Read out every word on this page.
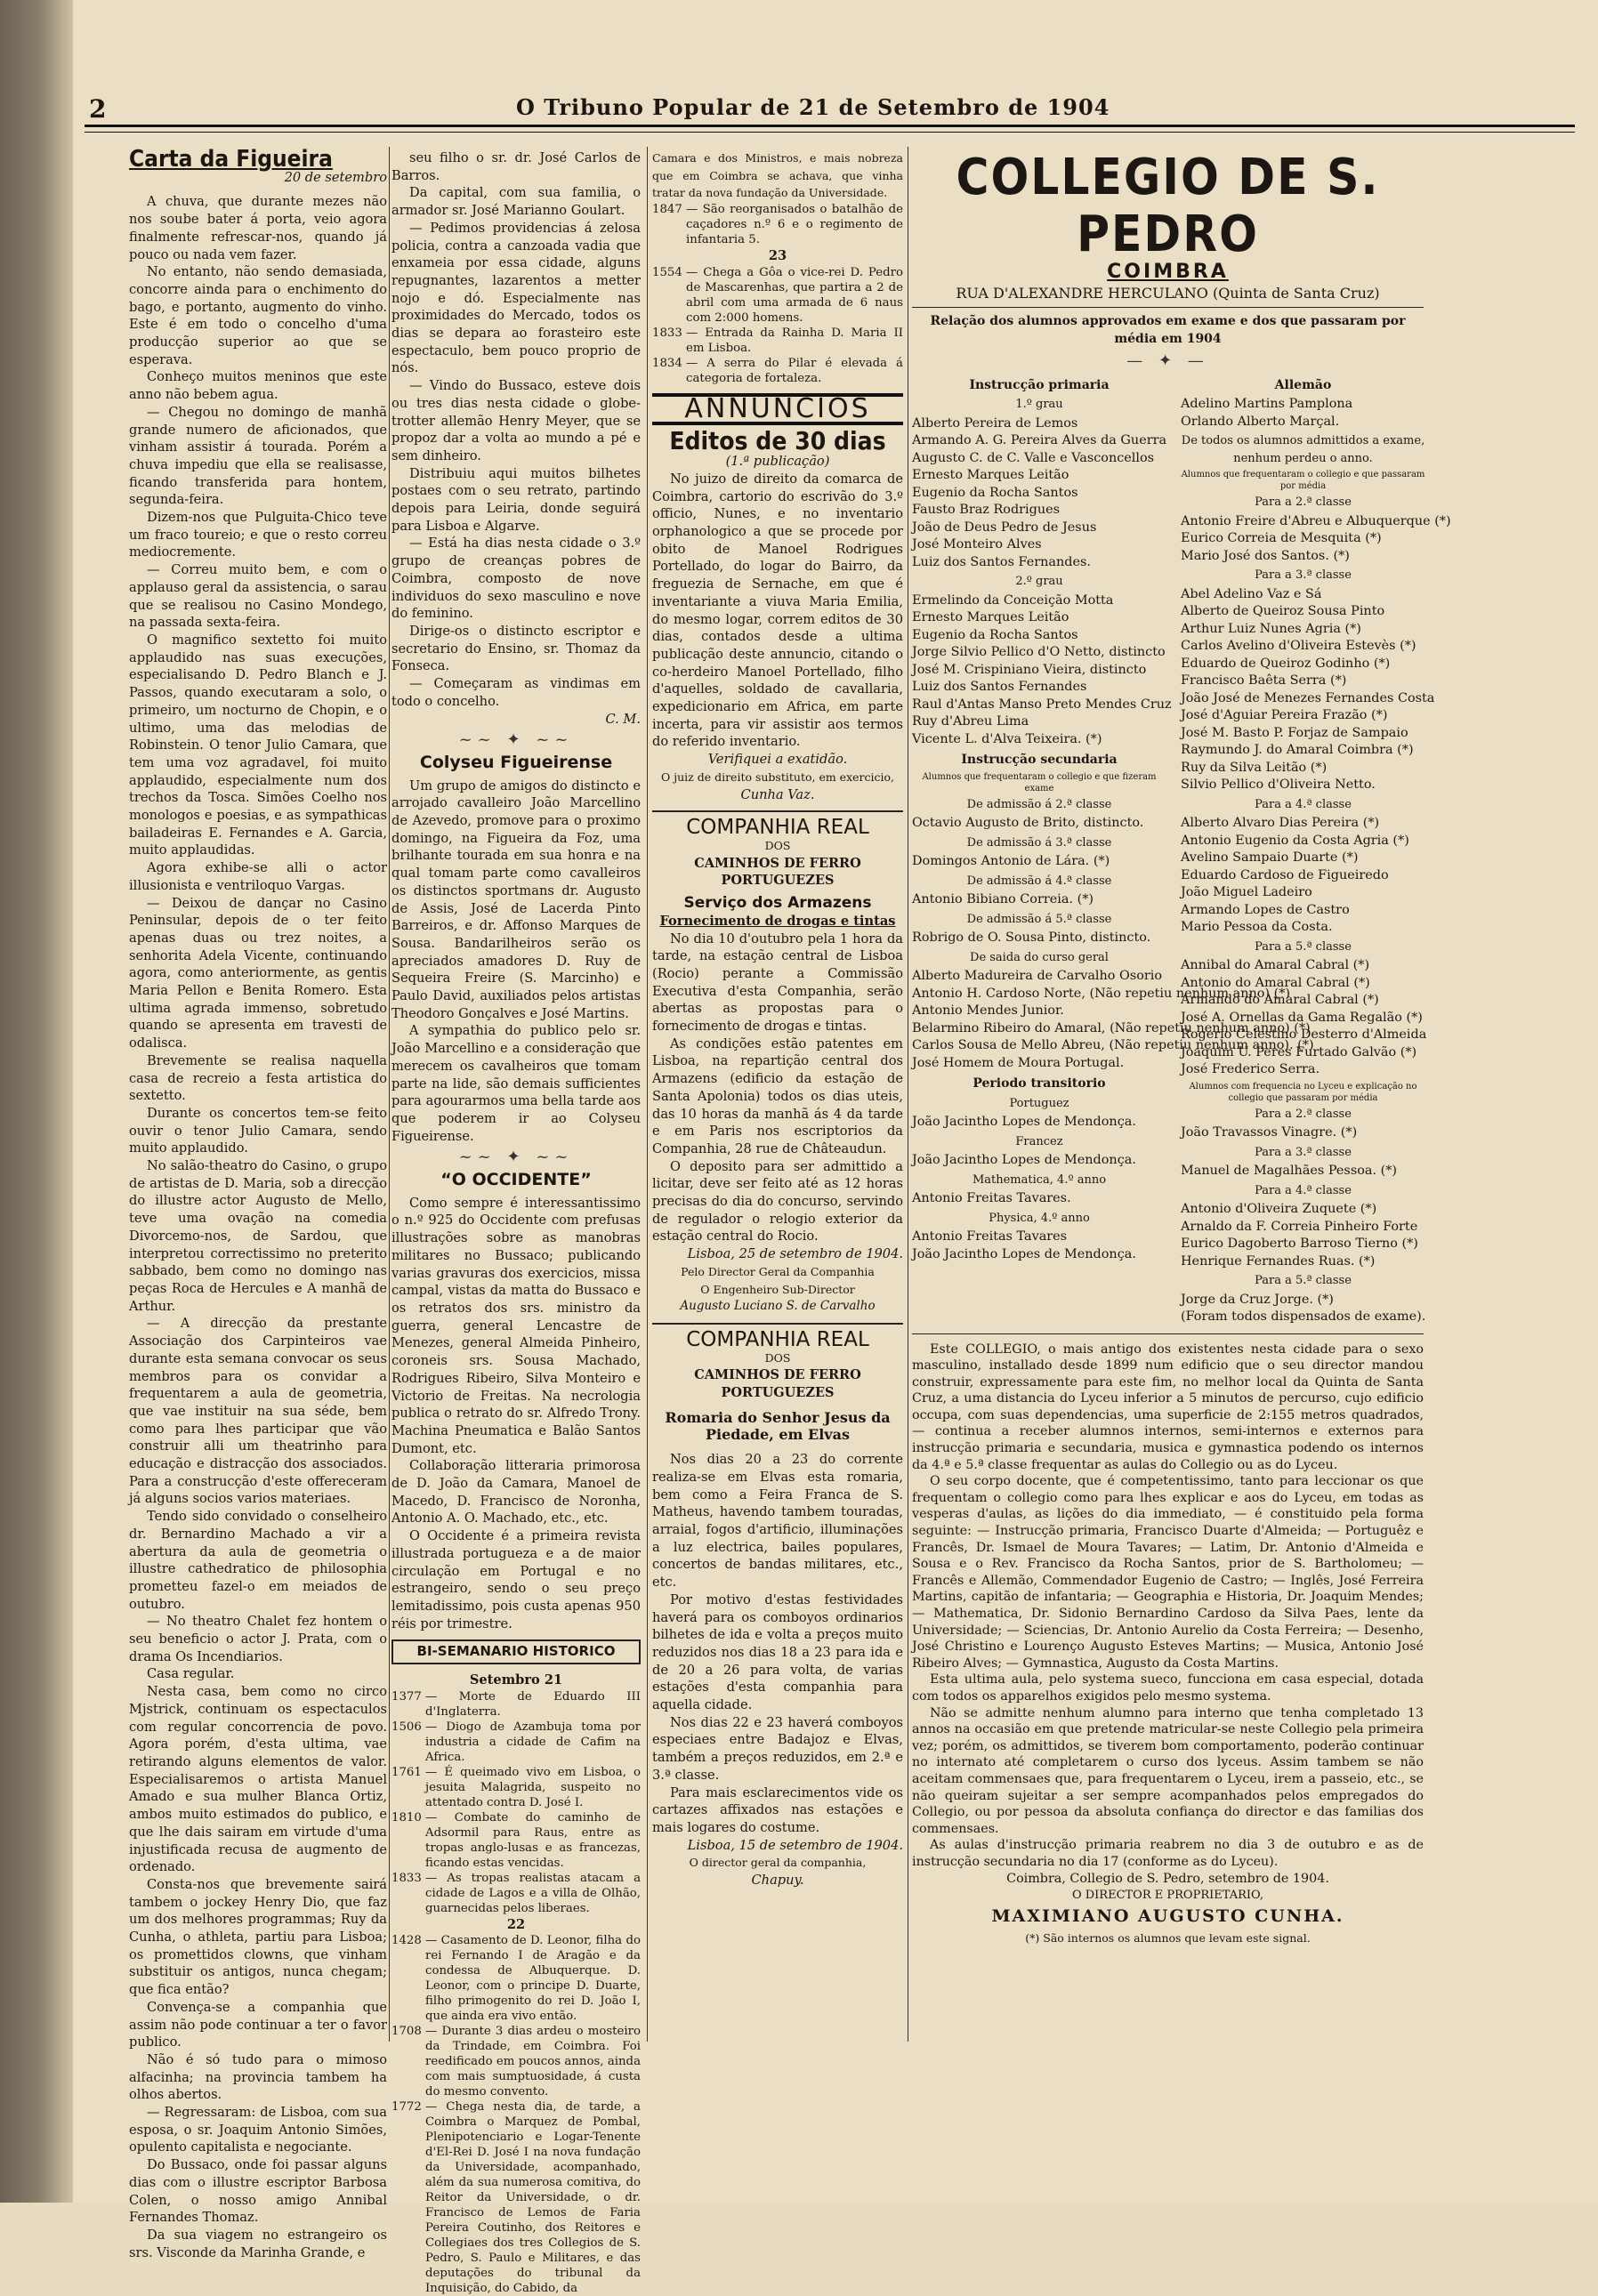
2	O Tribuno Popular de 21 de Setembro de 1904
Carta da Figueira
20 de setembro

A chuva, que durante mezes não nos soube bater á porta, veio agora finalmente refrescar-nos, quando já pouco ou nada vem fazer.

No entanto, não sendo demasiada, concorre ainda para o enchimento do bago, e portanto, augmento do vinho. Este é em todo o concelho d'uma producção superior ao que se esperava.

Conheço muitos meninos que este anno não bebem agua.

— Chegou no domingo de manhã grande numero de aficionados, que vinham assistir á tourada. Porém a chuva impediu que ella se realisasse, ficando transferida para hontem, segunda-feira.

Dizem-nos que Pulguita-Chico teve um fraco toureio; e que o resto correu mediocremente.

— Correu muito bem, e com o applauso geral da assistencia, o sarau que se realisou no Casino Mondego, na passada sexta-feira.

O magnifico sextetto foi muito applaudido nas suas execuções, especialisando D. Pedro Blanch e J. Passos, quando executaram a solo, o primeiro, um nocturno de Chopin, e o ultimo, uma das melodias de Robinstein. O tenor Julio Camara, que tem uma voz agradavel, foi muito applaudido, especialmente num dos trechos da Tosca. Simões Coelho nos monologos e poesias, e as sympathicas bailadeiras E. Fernandes e A. Garcia, muito applaudidas.

Agora exhibe-se alli o actor illusionista e ventriloquo Vargas.

— Deixou de dançar no Casino Peninsular, depois de o ter feito apenas duas ou trez noites, a senhorita Adela Vicente, continuando agora, como anteriormente, as gentis Maria Pellon e Benita Romero. Esta ultima agrada immenso, sobretudo quando se apresenta em travesti de odalisca.

Brevemente se realisa naquella casa de recreio a festa artistica do sextetto.

Durante os concertos tem-se feito ouvir o tenor Julio Camara, sendo muito applaudido.

No salão-theatro do Casino, o grupo de artistas de D. Maria, sob a direcção do illustre actor Augusto de Mello, teve uma ovação na comedia Divorcemo-nos, de Sardou, que interpretou correctissimo no preterito sabbado, bem como no domingo nas peças Roca de Hercules e A manhã de Arthur.

— A direcção da prestante Associação dos Carpinteiros vae durante esta semana convocar os seus membros para os convidar a frequentarem a aula de geometria, que vae instituir na sua séde, bem como para lhes participar que vão construir alli um theatrinho para educação e distracção dos associados. Para a construcção d'este offereceram já alguns socios varios materiaes.

Tendo sido convidado o conselheiro dr. Bernardino Machado a vir a abertura da aula de geometria o illustre cathedratico de philosophia prometteu fazel-o em meiados de outubro.

— No theatro Chalet fez hontem o seu beneficio o actor J. Prata, com o drama Os Incendiarios.

Casa regular.

Nesta casa, bem como no circo Mjstrick, continuam os espectaculos com regular concorrencia de povo. Agora porém, d'esta ultima, vae retirando alguns elementos de valor. Especialisaremos o artista Manuel Amado e sua mulher Blanca Ortiz, ambos muito estimados do publico, e que lhe dais sairam em virtude d'uma injustificada recusa de augmento de ordenado.

Consta-nos que brevemente sairá tambem o jockey Henry Dio, que faz um dos melhores programmas; Ruy da Cunha, o athleta, partiu para Lisboa; os promettidos clowns, que vinham substituir os antigos, nunca chegam; que fica então?

Convença-se a companhia que assim não pode continuar a ter o favor publico.

Não é só tudo para o mimoso alfacinha; na provincia tambem ha olhos abertos.

— Regressaram: de Lisboa, com sua esposa, o sr. Joaquim Antonio Simões, opulento capitalista e negociante.

Do Bussaco, onde foi passar alguns dias com o illustre escriptor Barbosa Colen, o nosso amigo Annibal Fernandes Thomaz.

Da sua viagem no estrangeiro os srs. Visconde da Marinha Grande, e

seu filho o sr. dr. José Carlos de Barros.

Da capital, com sua familia, o armador sr. José Marianno Goulart.

— Pedimos providencias á zelosa policia, contra a canzoada vadia que enxameia por essa cidade, alguns repugnantes, lazarentos a metter nojo e dó. Especialmente nas proximidades do Mercado, todos os dias se depara ao forasteiro este espectaculo, bem pouco proprio de nós.

— Vindo do Bussaco, esteve dois ou tres dias nesta cidade o globe-trotter allemão Henry Meyer, que se propoz dar a volta ao mundo a pé e sem dinheiro.

Distribuiu aqui muitos bilhetes postaes com o seu retrato, partindo depois para Leiria, donde seguirá para Lisboa e Algarve.

— Está ha dias nesta cidade o 3.º grupo de creanças pobres de Coimbra, composto de nove individuos do sexo masculino e nove do feminino.

Dirige-os o distincto escriptor e secretario do Ensino, sr. Thomaz da Fonseca.

— Começaram as vindimas em todo o concelho.

C. M.
~~ ✦ ~~
Colyseu Figueirense

Um grupo de amigos do distincto e arrojado cavalleiro João Marcellino de Azevedo, promove para o proximo domingo, na Figueira da Foz, uma brilhante tourada em sua honra e na qual tomam parte como cavalleiros os distinctos sportmans dr. Augusto de Assis, José de Lacerda Pinto Barreiros, e dr. Affonso Marques de Sousa. Bandarilheiros serão os apreciados amadores D. Ruy de Sequeira Freire (S. Marcinho) e Paulo David, auxiliados pelos artistas Theodoro Gonçalves e José Martins.

A sympathia do publico pelo sr. João Marcellino e a consideração que merecem os cavalheiros que tomam parte na lide, são demais sufficientes para agourarmos uma bella tarde aos que poderem ir ao Colyseu Figueirense.

~~ ✦ ~~
“O OCCIDENTE”

Como sempre é interessantissimo o n.º 925 do Occidente com prefusas illustrações sobre as manobras militares no Bussaco; publicando varias gravuras dos exercicios, missa campal, vistas da matta do Bussaco e os retratos dos srs. ministro da guerra, general Lencastre de Menezes, general Almeida Pinheiro, coroneis srs. Sousa Machado, Rodrigues Ribeiro, Silva Monteiro e Victorio de Freitas. Na necrologia publica o retrato do sr. Alfredo Trony. Machina Pneumatica e Balão Santos Dumont, etc.

Collaboração litteraria primorosa de D. João da Camara, Manoel de Macedo, D. Francisco de Noronha, Antonio A. O. Machado, etc., etc.

O Occidente é a primeira revista illustrada portugueza e a de maior circulação em Portugal e no estrangeiro, sendo o seu preço lemitadissimo, pois custa apenas 950 réis por trimestre.

BI-SEMANARIO HISTORICO
Setembro 21
1377	— Morte de Eduardo III d'Inglaterra.
1506	— Diogo de Azambuja toma por industria a cidade de Cafim na Africa.
1761	— É queimado vivo em Lisboa, o jesuita Malagrida, suspeito no attentado contra D. José I.
1810	— Combate do caminho de Adsormil para Raus, entre as tropas anglo-lusas e as francezas, ficando estas vencidas.
1833	— As tropas realistas atacam a cidade de Lagos e a villa de Olhão, guarnecidas pelos liberaes.
22
1428	— Casamento de D. Leonor, filha do rei Fernando I de Aragão e da condessa de Albuquerque. D. Leonor, com o principe D. Duarte, filho primogenito do rei D. João I, que ainda era vivo então.
1708	— Durante 3 dias ardeu o mosteiro da Trindade, em Coimbra. Foi reedificado em poucos annos, ainda com mais sumptuosidade, á custa do mesmo convento.
1772	— Chega nesta dia, de tarde, a Coimbra o Marquez de Pombal, Plenipotenciario e Logar-Tenente d'El-Rei D. José I na nova fundação da Universidade, acompanhado, além da sua numerosa comitiva, do Reitor da Universidade, o dr. Francisco de Lemos de Faria Pereira Coutinho, dos Reitores e Collegiaes dos tres Collegios de S. Pedro, S. Paulo e Militares, e das deputações do tribunal da Inquisição, do Cabido, da

Camara e dos Ministros, e mais nobreza que em Coimbra se achava, que vinha tratar da nova fundação da Universidade.

1847	— São reorganisados o batalhão de caçadores n.º 6 e o regimento de infantaria 5.
23
1554	— Chega a Gôa o vice-rei D. Pedro de Mascarenhas, que partira a 2 de abril com uma armada de 6 naus com 2:000 homens.
1833	— Entrada da Rainha D. Maria II em Lisboa.
1834	— A serra do Pilar é elevada á categoria de fortaleza.
ANNUNCIOS
Editos de 30 dias
(1.ª publicação)

No juizo de direito da comarca de Coimbra, cartorio do escrivão do 3.º officio, Nunes, e no inventario orphanologico a que se procede por obito de Manoel Rodrigues Portellado, do logar do Bairro, da freguezia de Sernache, em que é inventariante a viuva Maria Emilia, do mesmo logar, correm editos de 30 dias, contados desde a ultima publicação deste annuncio, citando o co-herdeiro Manoel Portellado, filho d'aquelles, soldado de cavallaria, expedicionario em Africa, em parte incerta, para vir assistir aos termos do referido inventario.

Verifiquei a exatidão.
O juiz de direito substituto, em exercicio,
Cunha Vaz.
COMPANHIA REAL
DOS
CAMINHOS DE FERRO PORTUGUEZES
Serviço dos Armazens
Fornecimento de drogas e tintas

No dia 10 d'outubro pela 1 hora da tarde, na estação central de Lisboa (Rocio) perante a Commissão Executiva d'esta Companhia, serão abertas as propostas para o fornecimento de drogas e tintas.

As condições estão patentes em Lisboa, na repartição central dos Armazens (edificio da estação de Santa Apolonia) todos os dias uteis, das 10 horas da manhã ás 4 da tarde e em Paris nos escriptorios da Companhia, 28 rue de Châteaudun.

O deposito para ser admittido a licitar, deve ser feito até as 12 horas precisas do dia do concurso, servindo de regulador o relogio exterior da estação central do Rocio.

Lisboa, 25 de setembro de 1904.
Pelo Director Geral da Companhia
O Engenheiro Sub-Director
Augusto Luciano S. de Carvalho
COMPANHIA REAL
DOS
CAMINHOS DE FERRO PORTUGUEZES
Romaria do Senhor Jesus da Piedade, em Elvas

Nos dias 20 a 23 do corrente realiza-se em Elvas esta romaria, bem como a Feira Franca de S. Matheus, havendo tambem touradas, arraial, fogos d'artificio, illuminações a luz electrica, bailes populares, concertos de bandas militares, etc., etc.

Por motivo d'estas festividades haverá para os comboyos ordinarios bilhetes de ida e volta a preços muito reduzidos nos dias 18 a 23 para ida e de 20 a 26 para volta, de varias estações d'esta companhia para aquella cidade.

Nos dias 22 e 23 haverá comboyos especiaes entre Badajoz e Elvas, também a preços reduzidos, em 2.ª e 3.ª classe.

Para mais esclarecimentos vide os cartazes affixados nas estações e mais logares do costume.

Lisboa, 15 de setembro de 1904.
O director geral da companhia,
Chapuy.
COLLEGIO DE S. PEDRO
COIMBRA
RUA D'ALEXANDRE HERCULANO (Quinta de Santa Cruz)
Relação dos alumnos approvados em exame e dos que passaram por média em 1904
— ✦ —
Instrucção primaria
1.º grau
Alberto Pereira de Lemos
Armando A. G. Pereira Alves da Guerra
Augusto C. de C. Valle e Vasconcellos
Ernesto Marques Leitão
Eugenio da Rocha Santos
Fausto Braz Rodrigues
João de Deus Pedro de Jesus
José Monteiro Alves
Luiz dos Santos Fernandes.
2.º grau
Ermelindo da Conceição Motta
Ernesto Marques Leitão
Eugenio da Rocha Santos
Jorge Silvio Pellico d'O Netto, distincto
José M. Crispiniano Vieira, distincto
Luiz dos Santos Fernandes
Raul d'Antas Manso Preto Mendes Cruz
Ruy d'Abreu Lima
Vicente L. d'Alva Teixeira. (*)
Instrucção secundaria
Alumnos que frequentaram o collegio e que fizeram exame
De admissão á 2.ª classe
Octavio Augusto de Brito, distincto.
De admissão á 3.ª classe
Domingos Antonio de Lára. (*)
De admissão á 4.ª classe
Antonio Bibiano Correia. (*)
De admissão á 5.ª classe
Robrigo de O. Sousa Pinto, distincto.
De saida do curso geral
Alberto Madureira de Carvalho Osorio
Antonio H. Cardoso Norte, (Não repetiu nenhum anno) (*)
Antonio Mendes Junior.
Belarmino Ribeiro do Amaral, (Não repetiu nenhum anno) (*)
Carlos Sousa de Mello Abreu, (Não repetiu nenhum anno). (*)
José Homem de Moura Portugal.
Periodo transitorio
Portuguez
João Jacintho Lopes de Mendonça.
Francez
João Jacintho Lopes de Mendonça.
Mathematica, 4.º anno
Antonio Freitas Tavares.
Physica, 4.º anno
Antonio Freitas Tavares
João Jacintho Lopes de Mendonça.
Allemão
Adelino Martins Pamplona
Orlando Alberto Marçal.
De todos os alumnos admittidos a exame, nenhum perdeu o anno.
Alumnos que frequentaram o collegio e que passaram por média
Para a 2.ª classe
Antonio Freire d'Abreu e Albuquerque (*)
Eurico Correia de Mesquita (*)
Mario José dos Santos. (*)
Para a 3.ª classe
Abel Adelino Vaz e Sá
Alberto de Queiroz Sousa Pinto
Arthur Luiz Nunes Agria (*)
Carlos Avelino d'Oliveira Estevès (*)
Eduardo de Queiroz Godinho (*)
Francisco Baêta Serra (*)
João José de Menezes Fernandes Costa
José d'Aguiar Pereira Frazão (*)
José M. Basto P. Forjaz de Sampaio
Raymundo J. do Amaral Coimbra (*)
Ruy da Silva Leitão (*)
Silvio Pellico d'Oliveira Netto.
Para a 4.ª classe
Alberto Alvaro Dias Pereira (*)
Antonio Eugenio da Costa Agria (*)
Avelino Sampaio Duarte (*)
Eduardo Cardoso de Figueiredo
João Miguel Ladeiro
Armando Lopes de Castro
Mario Pessoa da Costa.
Para a 5.ª classe
Annibal do Amaral Cabral (*)
Antonio do Amaral Cabral (*)
Armando do Amaral Cabral (*)
José A. Ornellas da Gama Regalão (*)
Rogerio Celestino Desterro d'Almeida
Joaquim U. Peres Furtado Galvão (*)
José Frederico Serra.
Alumnos com frequencia no Lyceu e explicação no collegio que passaram por média
Para a 2.ª classe
João Travassos Vinagre. (*)
Para a 3.ª classe
Manuel de Magalhães Pessoa. (*)
Para a 4.ª classe
Antonio d'Oliveira Zuquete (*)
Arnaldo da F. Correia Pinheiro Forte
Eurico Dagoberto Barroso Tierno (*)
Henrique Fernandes Ruas. (*)
Para a 5.ª classe
Jorge da Cruz Jorge. (*)
(Foram todos dispensados de exame).

Este COLLEGIO, o mais antigo dos existentes nesta cidade para o sexo masculino, installado desde 1899 num edificio que o seu director mandou construir, expressamente para este fim, no melhor local da Quinta de Santa Cruz, a uma distancia do Lyceu inferior a 5 minutos de percurso, cujo edificio occupa, com suas dependencias, uma superficie de 2:155 metros quadrados, — continua a receber alumnos internos, semi-internos e externos para instrucção primaria e secundaria, musica e gymnastica podendo os internos da 4.ª e 5.ª classe frequentar as aulas do Collegio ou as do Lyceu.

O seu corpo docente, que é competentissimo, tanto para leccionar os que frequentam o collegio como para lhes explicar e aos do Lyceu, em todas as vesperas d'aulas, as lições do dia immediato, — é constituido pela forma seguinte: — Instrucção primaria, Francisco Duarte d'Almeida; — Portuguêz e Francês, Dr. Ismael de Moura Tavares; — Latim, Dr. Antonio d'Almeida e Sousa e o Rev. Francisco da Rocha Santos, prior de S. Bartholomeu; — Francês e Allemão, Commendador Eugenio de Castro; — Inglês, José Ferreira Martins, capitão de infantaria; — Geographia e Historia, Dr. Joaquim Mendes; — Mathematica, Dr. Sidonio Bernardino Cardoso da Silva Paes, lente da Universidade; — Sciencias, Dr. Antonio Aurelio da Costa Ferreira; — Desenho, José Christino e Lourenço Augusto Esteves Martins; — Musica, Antonio José Ribeiro Alves; — Gymnastica, Augusto da Costa Martins.

Esta ultima aula, pelo systema sueco, funcciona em casa especial, dotada com todos os apparelhos exigidos pelo mesmo systema.

Não se admitte nenhum alumno para interno que tenha completado 13 annos na occasião em que pretende matricular-se neste Collegio pela primeira vez; porém, os admittidos, se tiverem bom comportamento, poderão continuar no internato até completarem o curso dos lyceus. Assim tambem se não aceitam commensaes que, para frequentarem o Lyceu, irem a passeio, etc., se não queiram sujeitar a ser sempre acompanhados pelos empregados do Collegio, ou por pessoa da absoluta confiança do director e das familias dos commensaes.

As aulas d'instrucção primaria reabrem no dia 3 de outubro e as de instrucção secundaria no dia 17 (conforme as do Lyceu).

Coimbra, Collegio de S. Pedro, setembro de 1904.
O DIRECTOR E PROPRIETARIO,
MAXIMIANO AUGUSTO CUNHA.
(*) São internos os alumnos que levam este signal.
